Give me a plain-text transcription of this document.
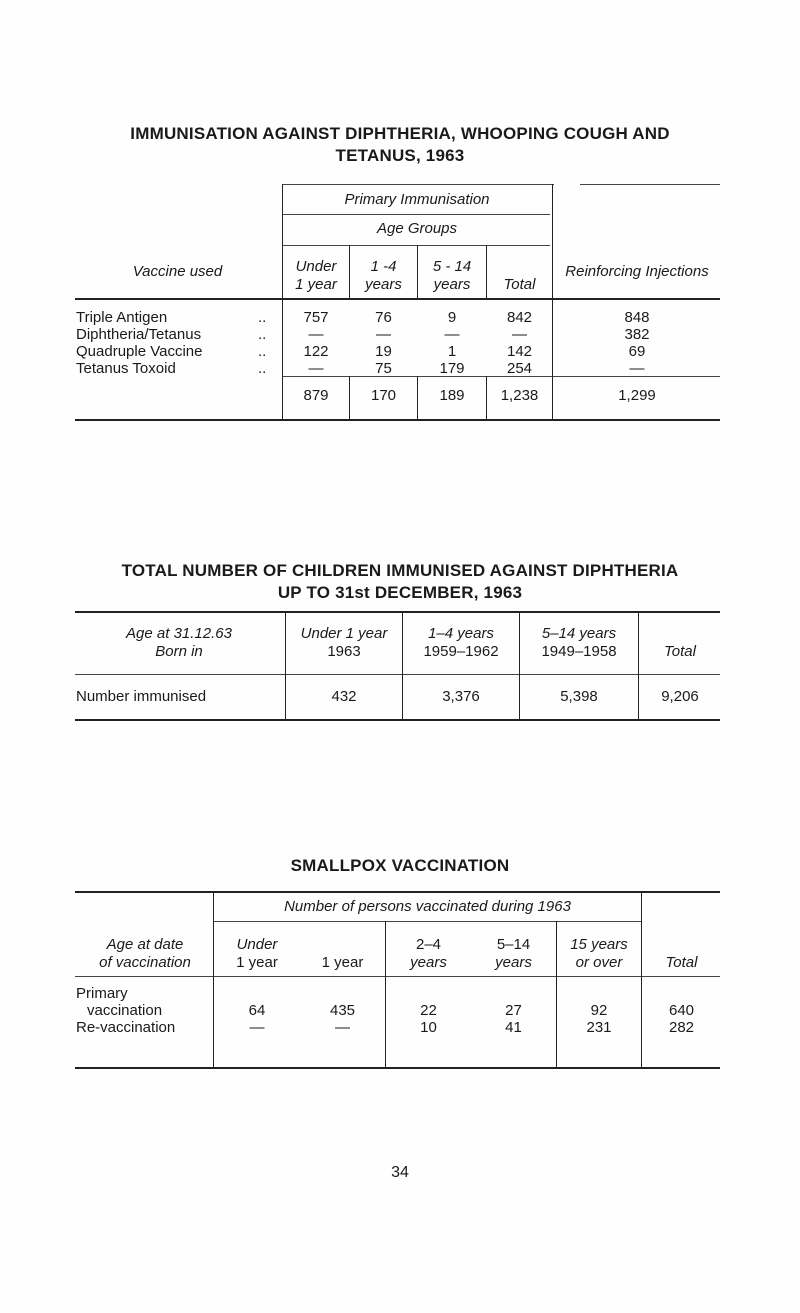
IMMUNISATION AGAINST DIPHTHERIA, WHOOPING COUGH AND
TETANUS, 1963
Vaccine used
Primary Immunisation
Age Groups
Reinforcing Injections
Under
1 year
1 -4
years
5 - 14
years	Total
Triple Antigen	..	757	76	9	842	848
Diphtheria/Tetanus	..	—	—	—	—	382
Quadruple Vaccine	..	122	19	1	142	69
Tetanus Toxoid	..	—	75	179	254	—
879	170	189	1,238	1,299
TOTAL NUMBER OF CHILDREN IMMUNISED AGAINST DIPHTHERIA
UP TO 31st DECEMBER, 1963
Age at 31.12.63
Born in
Under 1 year
1963
1–4 years
1959–1962
5–14 years
1949–1958	Total
Number immunised	432	3,376	5,398	9,206
SMALLPOX VACCINATION
Number of persons vaccinated during 1963
Age at date
of vaccination
Under
1 year	1 year
2–4
years
5–14
years
15 years
or over	Total
Primary
vaccination	64	435	22	27	92	640
Re-vaccination	—	—	10	41	231	282
34
